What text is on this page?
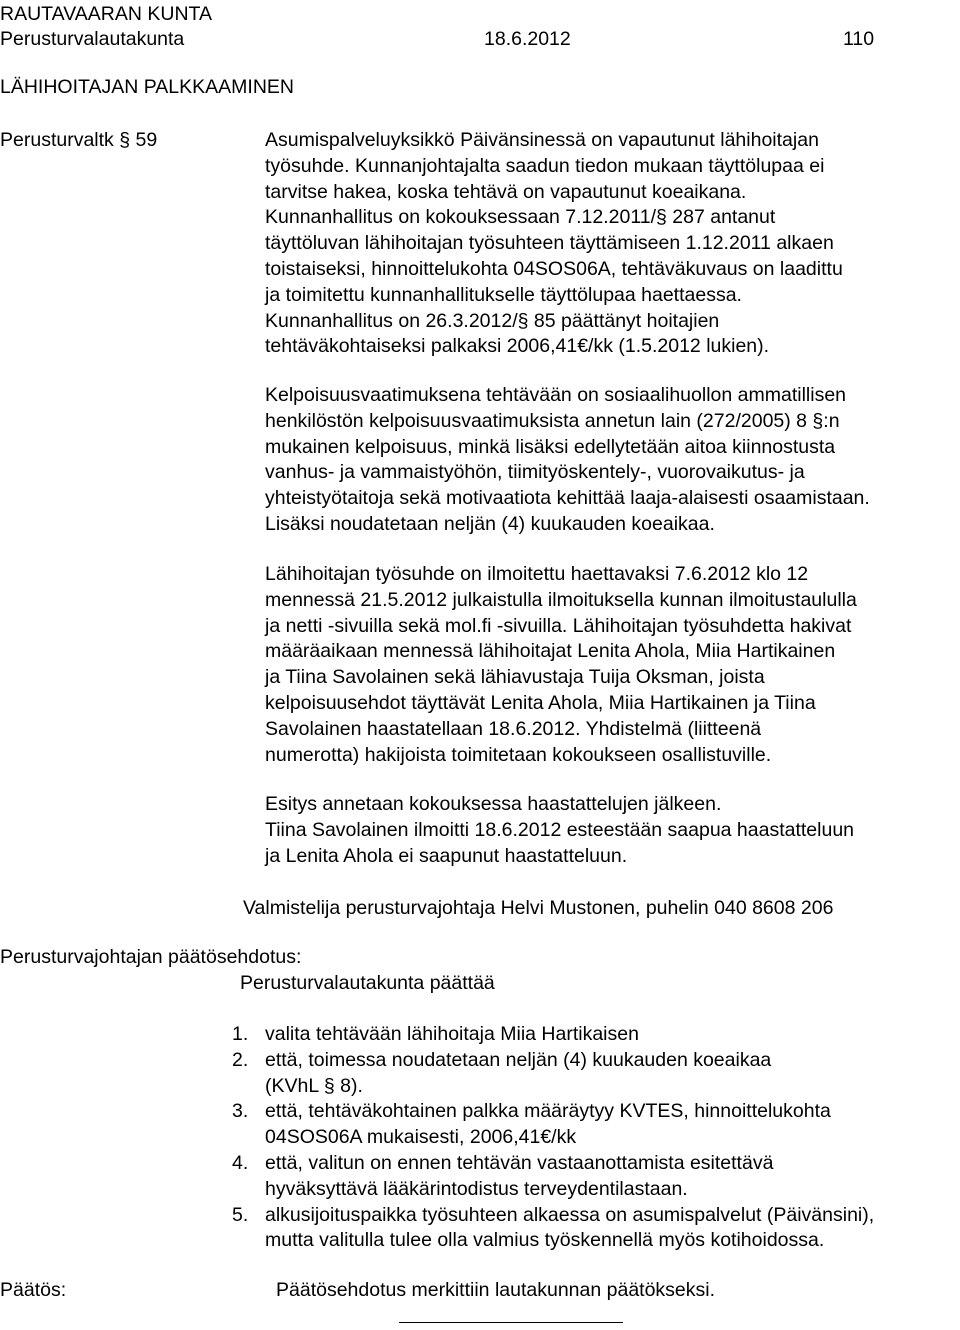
RAUTAVAARAN KUNTA
Perusturvalautakunta	18.6.2012	110
LÄHIHOITAJAN PALKKAAMINEN
Perusturvaltk § 59	Asumispalveluyksikkö Päivänsinessä on vapautunut lähihoitajan
työsuhde. Kunnanjohtajalta saadun tiedon mukaan täyttölupaa ei
tarvitse hakea, koska tehtävä on vapautunut koeaikana.
Kunnanhallitus on kokouksessaan 7.12.2011/§ 287 antanut
täyttöluvan lähihoitajan työsuhteen täyttämiseen 1.12.2011 alkaen
toistaiseksi, hinnoittelukohta 04SOS06A, tehtäväkuvaus on laadittu
ja toimitettu kunnanhallitukselle täyttölupaa haettaessa.
Kunnanhallitus on 26.3.2012/§ 85 päättänyt hoitajien
tehtäväkohtaiseksi palkaksi 2006,41€/kk (1.5.2012 lukien).
Kelpoisuusvaatimuksena tehtävään on sosiaalihuollon ammatillisen
henkilöstön kelpoisuusvaatimuksista annetun lain (272/2005) 8 §:n
mukainen kelpoisuus, minkä lisäksi edellytetään aitoa kiinnostusta
vanhus- ja vammaistyöhön, tiimityöskentely-, vuorovaikutus- ja
yhteistyötaitoja sekä motivaatiota kehittää laaja-alaisesti osaamistaan.
Lisäksi noudatetaan neljän (4) kuukauden koeaikaa.
Lähihoitajan työsuhde on ilmoitettu haettavaksi 7.6.2012 klo 12
mennessä 21.5.2012 julkaistulla ilmoituksella kunnan ilmoitustaululla
ja netti -sivuilla sekä mol.fi -sivuilla. Lähihoitajan työsuhdetta hakivat
määräaikaan mennessä lähihoitajat Lenita Ahola, Miia Hartikainen
ja Tiina Savolainen sekä lähiavustaja Tuija Oksman, joista
kelpoisuusehdot täyttävät Lenita Ahola, Miia Hartikainen ja Tiina
Savolainen haastatellaan 18.6.2012. Yhdistelmä (liitteenä
numerotta) hakijoista toimitetaan kokoukseen osallistuville.
Esitys annetaan kokouksessa haastattelujen jälkeen.
Tiina Savolainen ilmoitti 18.6.2012 esteestään saapua haastatteluun
ja Lenita Ahola ei saapunut haastatteluun.
Valmistelija perusturvajohtaja Helvi Mustonen, puhelin 040 8608 206
Perusturvajohtajan päätösehdotus:
Perusturvalautakunta päättää
1. valita tehtävään lähihoitaja Miia Hartikaisen
2. että, toimessa noudatetaan neljän (4) kuukauden koeaikaa
(KVhL § 8).
3. että, tehtäväkohtainen palkka määräytyy KVTES, hinnoittelukohta
04SOS06A mukaisesti, 2006,41€/kk
4. että, valitun on ennen tehtävän vastaanottamista esitettävä
hyväksyttävä lääkärintodistus terveydentilastaan.
5. alkusijoituspaikka työsuhteen alkaessa on asumispalvelut (Päivänsini),
mutta valitulla tulee olla valmius työskennellä myös kotihoidossa.
Päätös:	Päätösehdotus merkittiin lautakunnan päätökseksi.
